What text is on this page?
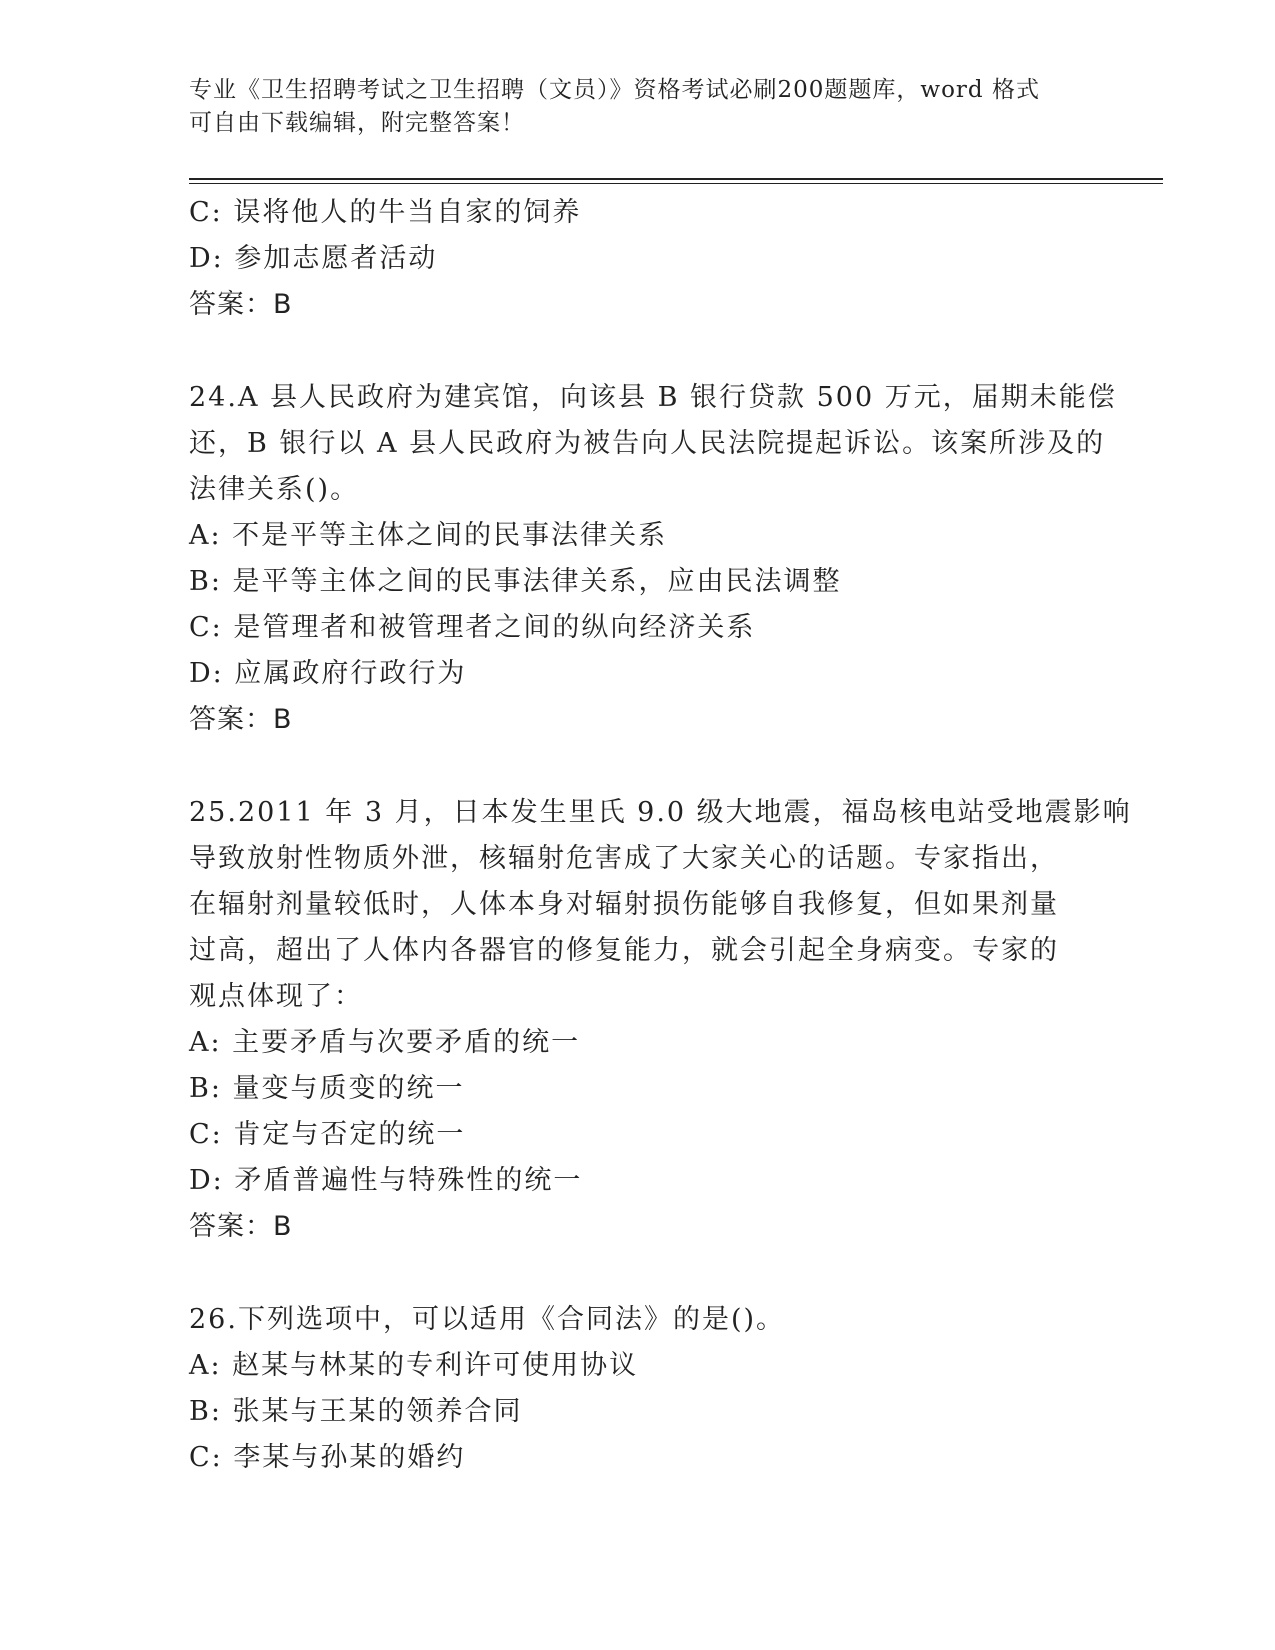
专业《卫生招聘考试之卫生招聘（文员）》资格考试必刷200题题库，word 格式
可自由下载编辑，附完整答案！
C: 误将他人的牛当自家的饲养
D: 参加志愿者活动
答案：B
24.A 县人民政府为建宾馆，向该县 B 银行贷款 500 万元，届期未能偿
还，B 银行以 A 县人民政府为被告向人民法院提起诉讼。该案所涉及的
法律关系()。
A: 不是平等主体之间的民事法律关系
B: 是平等主体之间的民事法律关系，应由民法调整
C: 是管理者和被管理者之间的纵向经济关系
D: 应属政府行政行为
答案：B
25.2011 年 3 月，日本发生里氏 9.0 级大地震，福岛核电站受地震影响
导致放射性物质外泄，核辐射危害成了大家关心的话题。专家指出，
在辐射剂量较低时，人体本身对辐射损伤能够自我修复，但如果剂量
过高，超出了人体内各器官的修复能力，就会引起全身病变。专家的
观点体现了：
A: 主要矛盾与次要矛盾的统一
B: 量变与质变的统一
C: 肯定与否定的统一
D: 矛盾普遍性与特殊性的统一
答案：B
26.下列选项中，可以适用《合同法》的是()。
A: 赵某与林某的专利许可使用协议
B: 张某与王某的领养合同
C: 李某与孙某的婚约
